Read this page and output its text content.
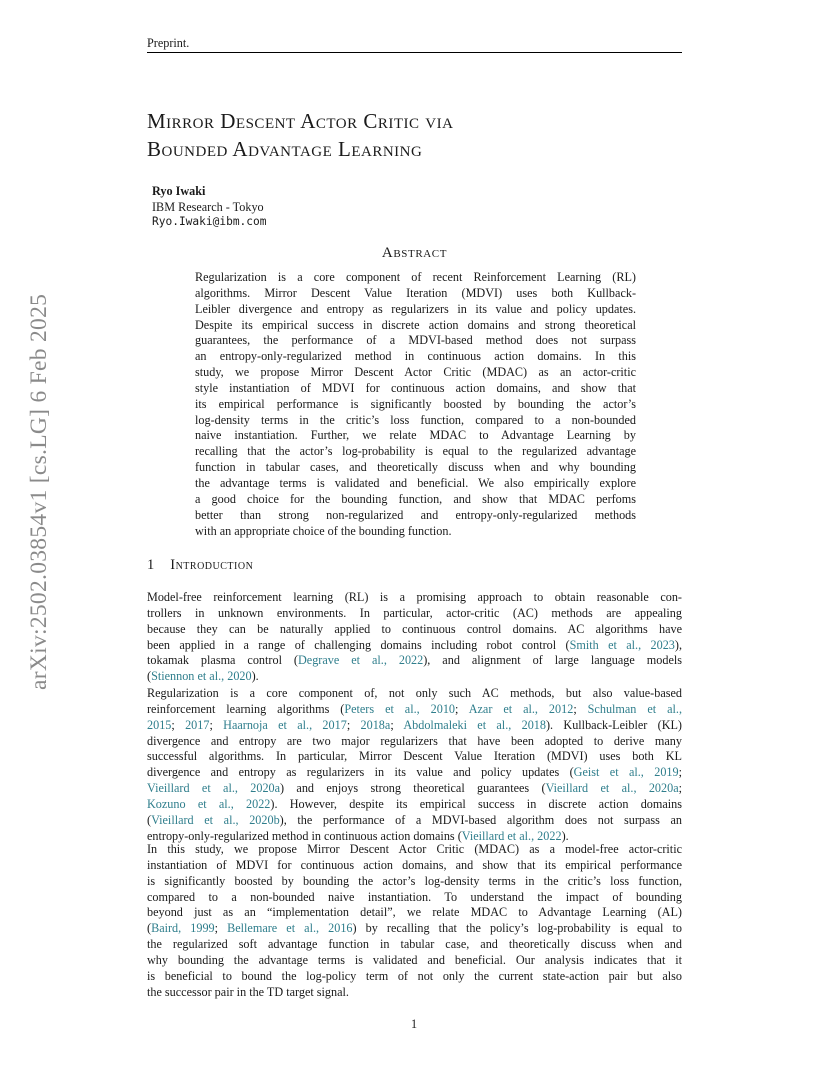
Preprint.
arXiv:2502.03854v1 [cs.LG] 6 Feb 2025
Mirror Descent Actor Critic via
Bounded Advantage Learning
Ryo Iwaki
IBM Research - Tokyo
Ryo.Iwaki@ibm.com
Abstract
Regularization is a core component of recent Reinforcement Learning (RL)
algorithms. Mirror Descent Value Iteration (MDVI) uses both Kullback-
Leibler divergence and entropy as regularizers in its value and policy updates.
Despite its empirical success in discrete action domains and strong theoretical
guarantees, the performance of a MDVI-based method does not surpass
an entropy-only-regularized method in continuous action domains. In this
study, we propose Mirror Descent Actor Critic (MDAC) as an actor-critic
style instantiation of MDVI for continuous action domains, and show that
its empirical performance is significantly boosted by bounding the actor’s
log-density terms in the critic’s loss function, compared to a non-bounded
naive instantiation. Further, we relate MDAC to Advantage Learning by
recalling that the actor’s log-probability is equal to the regularized advantage
function in tabular cases, and theoretically discuss when and why bounding
the advantage terms is validated and beneficial. We also empirically explore
a good choice for the bounding function, and show that MDAC perfoms
better than strong non-regularized and entropy-only-regularized methods
with an appropriate choice of the bounding function.
1 Introduction
Model-free reinforcement learning (RL) is a promising approach to obtain reasonable con-
trollers in unknown environments. In particular, actor-critic (AC) methods are appealing
because they can be naturally applied to continuous control domains. AC algorithms have
been applied in a range of challenging domains including robot control (Smith et al., 2023),
tokamak plasma control (Degrave et al., 2022), and alignment of large language models
(Stiennon et al., 2020).
Regularization is a core component of, not only such AC methods, but also value-based
reinforcement learning algorithms (Peters et al., 2010; Azar et al., 2012; Schulman et al.,
2015; 2017; Haarnoja et al., 2017; 2018a; Abdolmaleki et al., 2018). Kullback-Leibler (KL)
divergence and entropy are two major regularizers that have been adopted to derive many
successful algorithms. In particular, Mirror Descent Value Iteration (MDVI) uses both KL
divergence and entropy as regularizers in its value and policy updates (Geist et al., 2019;
Vieillard et al., 2020a) and enjoys strong theoretical guarantees (Vieillard et al., 2020a;
Kozuno et al., 2022). However, despite its empirical success in discrete action domains
(Vieillard et al., 2020b), the performance of a MDVI-based algorithm does not surpass an
entropy-only-regularized method in continuous action domains (Vieillard et al., 2022).
In this study, we propose Mirror Descent Actor Critic (MDAC) as a model-free actor-critic
instantiation of MDVI for continuous action domains, and show that its empirical performance
is significantly boosted by bounding the actor’s log-density terms in the critic’s loss function,
compared to a non-bounded naive instantiation. To understand the impact of bounding
beyond just as an “implementation detail”, we relate MDAC to Advantage Learning (AL)
(Baird, 1999; Bellemare et al., 2016) by recalling that the policy’s log-probability is equal to
the regularized soft advantage function in tabular case, and theoretically discuss when and
why bounding the advantage terms is validated and beneficial. Our analysis indicates that it
is beneficial to bound the log-policy term of not only the current state-action pair but also
the successor pair in the TD target signal.
1
